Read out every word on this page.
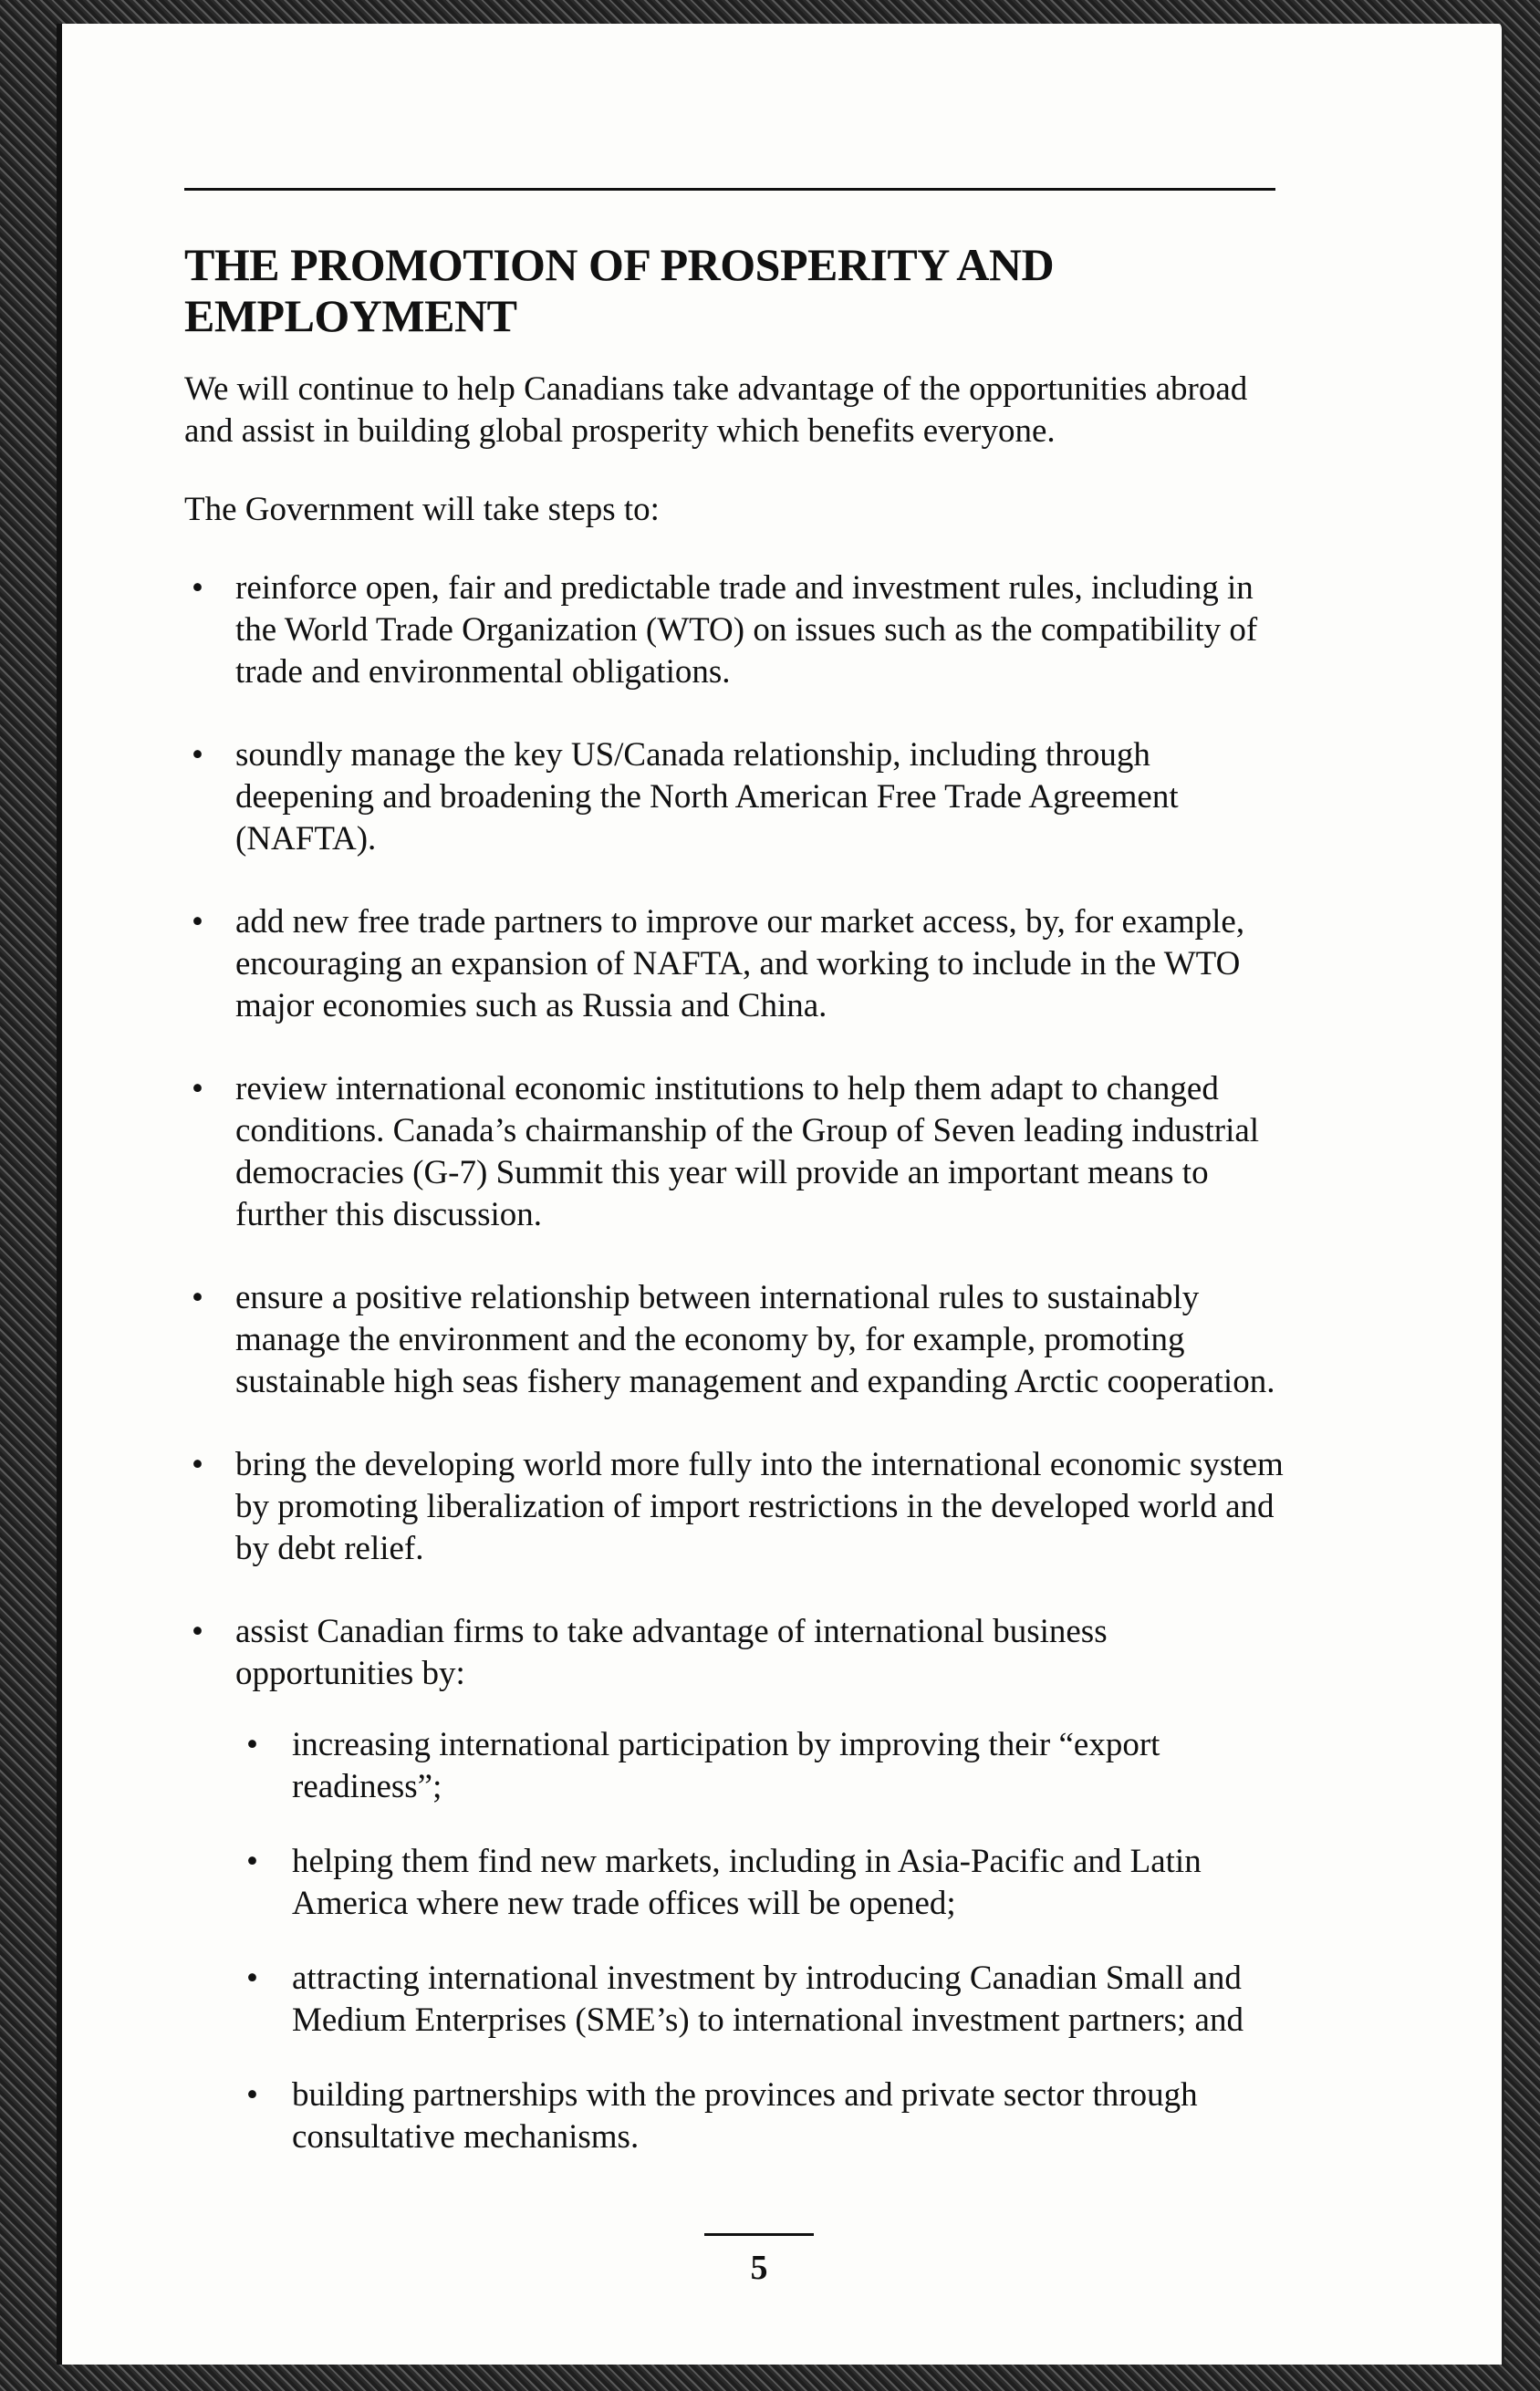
THE PROMOTION OF PROSPERITY AND EMPLOYMENT

We will continue to help Canadians take advantage of the opportunities abroad and assist in building global prosperity which benefits everyone.

The Government will take steps to:

• reinforce open, fair and predictable trade and investment rules, including in the World Trade Organization (WTO) on issues such as the compatibility of trade and environmental obligations.
• soundly manage the key US/Canada relationship, including through deepening and broadening the North American Free Trade Agreement (NAFTA).
• add new free trade partners to improve our market access, by, for example, encouraging an expansion of NAFTA, and working to include in the WTO major economies such as Russia and China.
• review international economic institutions to help them adapt to changed conditions. Canada’s chairmanship of the Group of Seven leading industrial democracies (G-7) Summit this year will provide an important means to further this discussion.
• ensure a positive relationship between international rules to sustainably manage the environment and the economy by, for example, promoting sustainable high seas fishery management and expanding Arctic cooperation.
• bring the developing world more fully into the international economic system by promoting liberalization of import restrictions in the developed world and by debt relief.
• assist Canadian firms to take advantage of international business opportunities by:
• increasing international participation by improving their “export readiness”;
• helping them find new markets, including in Asia-Pacific and Latin America where new trade offices will be opened;
• attracting international investment by introducing Canadian Small and Medium Enterprises (SME’s) to international investment partners; and
• building partnerships with the provinces and private sector through consultative mechanisms.
5
